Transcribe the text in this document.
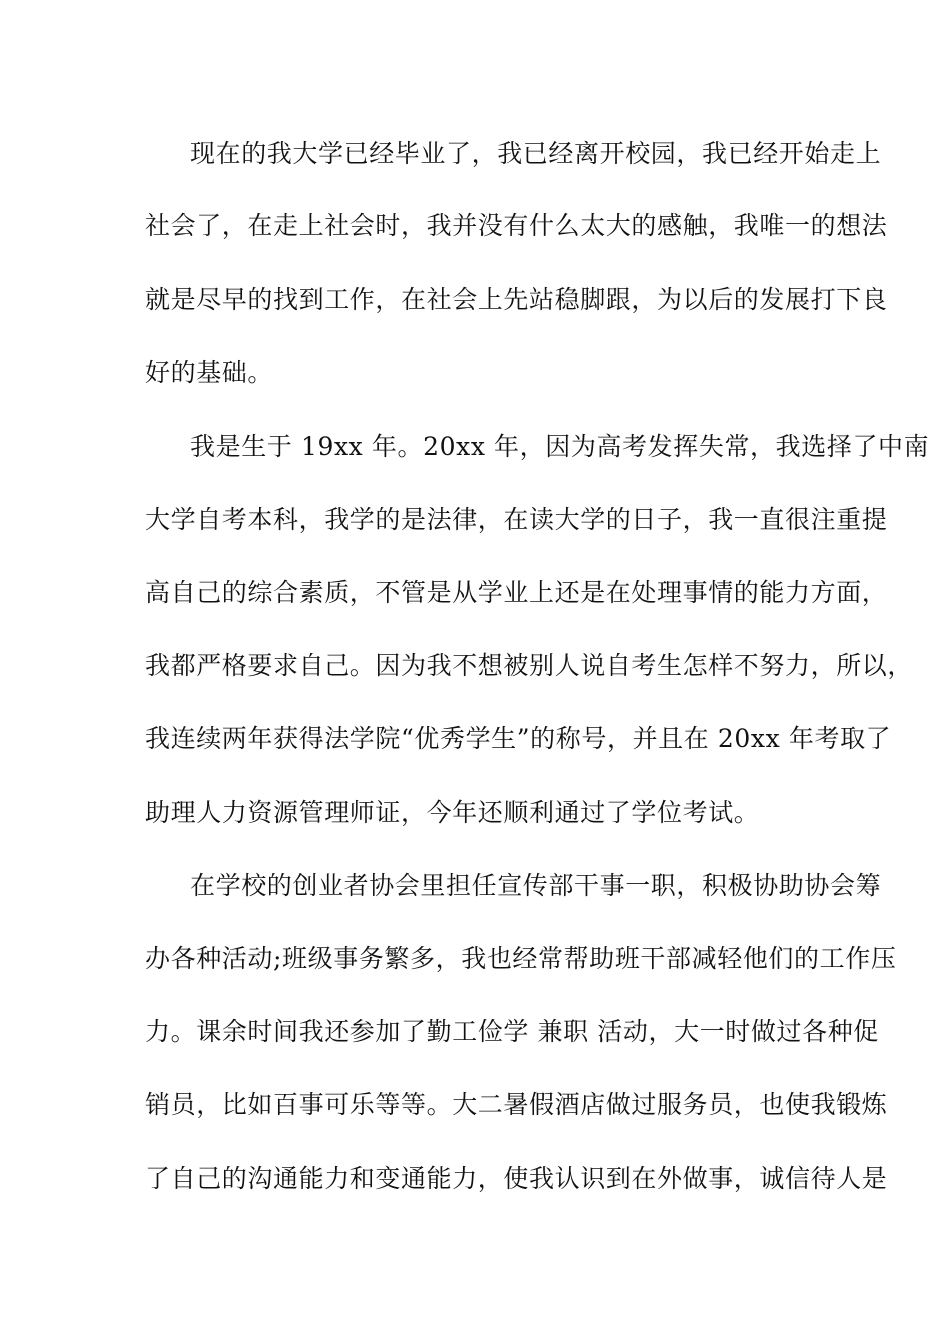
现在的我大学已经毕业了，我已经离开校园，我已经开始走上
社会了，在走上社会时，我并没有什么太大的感触，我唯一的想法
就是尽早的找到工作，在社会上先站稳脚跟，为以后的发展打下良
好的基础。
我是生于 19xx 年。20xx 年，因为高考发挥失常，我选择了中南
大学自考本科，我学的是法律，在读大学的日子，我一直很注重提
高自己的综合素质，不管是从学业上还是在处理事情的能力方面，
我都严格要求自己。因为我不想被别人说自考生怎样不努力，所以，
我连续两年获得法学院“优秀学生”的称号，并且在 20xx 年考取了
助理人力资源管理师证，今年还顺利通过了学位考试。
在学校的创业者协会里担任宣传部干事一职，积极协助协会筹
办各种活动;班级事务繁多，我也经常帮助班干部减轻他们的工作压
力。课余时间我还参加了勤工俭学 兼职 活动，大一时做过各种促
销员，比如百事可乐等等。大二暑假酒店做过服务员，也使我锻炼
了自己的沟通能力和变通能力，使我认识到在外做事，诚信待人是
